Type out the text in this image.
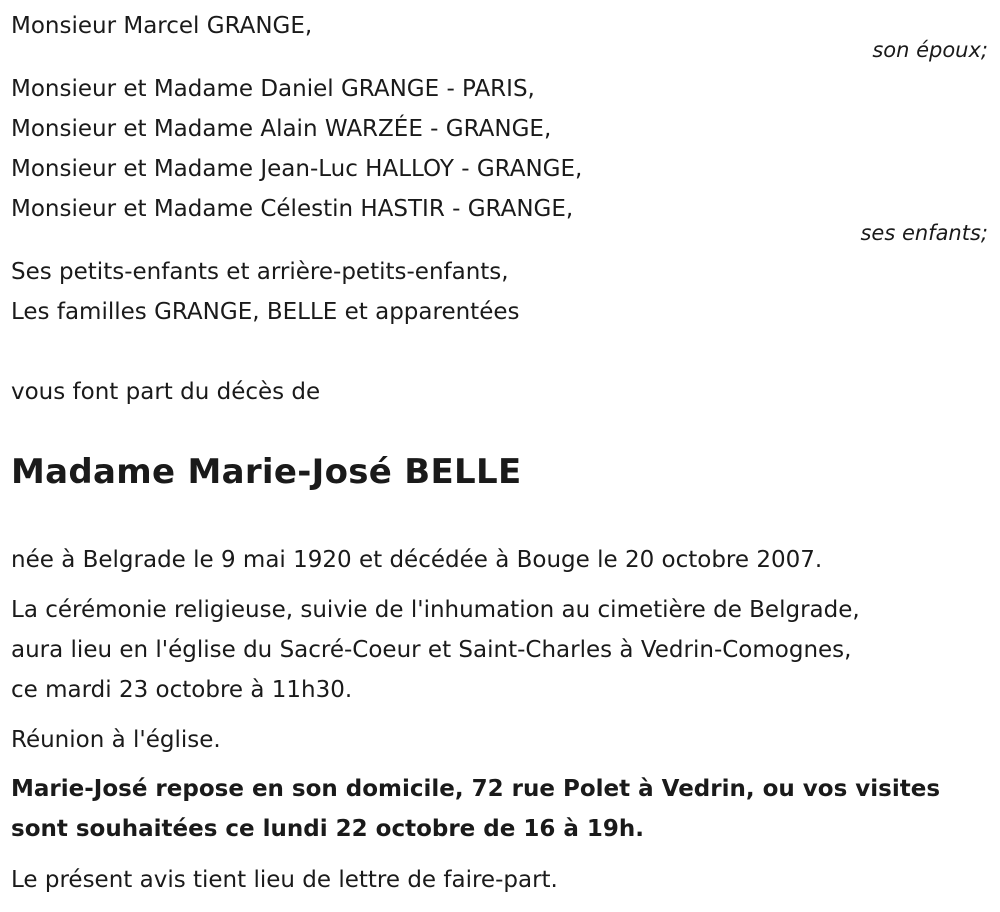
Monsieur Marcel GRANGE,
son époux;
Monsieur et Madame Daniel GRANGE - PARIS,
Monsieur et Madame Alain WARZÉE - GRANGE,
Monsieur et Madame Jean-Luc HALLOY - GRANGE,
Monsieur et Madame Célestin HASTIR - GRANGE,
ses enfants;
Ses petits-enfants et arrière-petits-enfants,
Les familles GRANGE, BELLE et apparentées
vous font part du décès de
Madame Marie-José BELLE
née à Belgrade le 9 mai 1920 et décédée à Bouge le 20 octobre 2007.
La cérémonie religieuse, suivie de l'inhumation au cimetière de Belgrade,
aura lieu en l'église du Sacré-Coeur et Saint-Charles à Vedrin-Comognes,
ce mardi 23 octobre à 11h30.
Réunion à l'église.
Marie-José repose en son domicile, 72 rue Polet à Vedrin, ou vos visites
sont souhaitées ce lundi 22 octobre de 16 à 19h.
Le présent avis tient lieu de lettre de faire-part.
